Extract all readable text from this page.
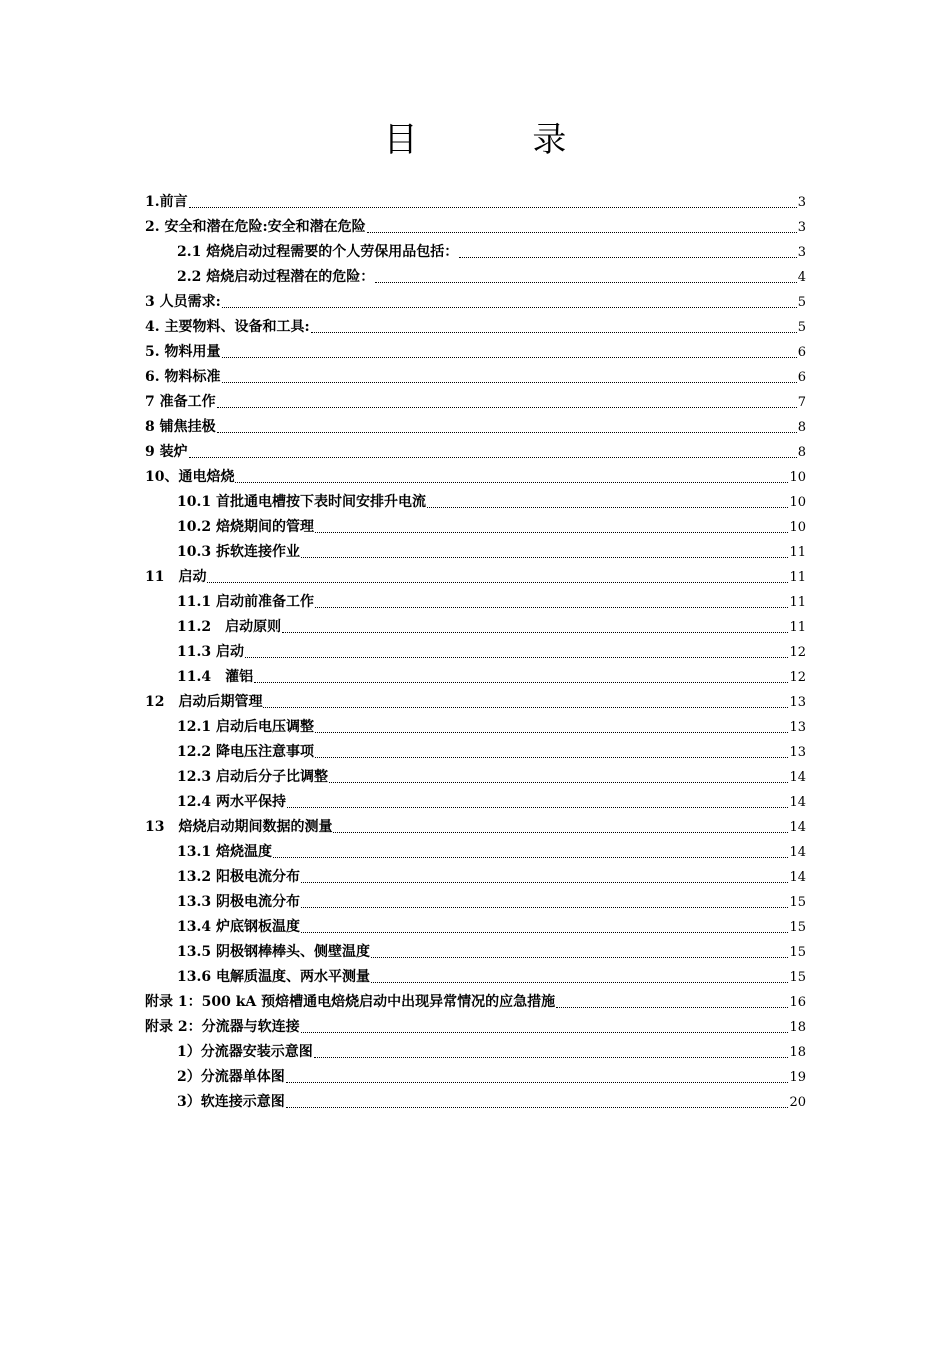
目 录
1.前言	3
2. 安全和潜在危险:安全和潜在危险	3
2.1 焙烧启动过程需要的个人劳保用品包括：	3
2.2 焙烧启动过程潜在的危险：	4
3 人员需求:	5
4. 主要物料、设备和工具:	5
5. 物料用量	6
6. 物料标准	6
7 准备工作	7
8 铺焦挂极	8
9 装炉	8
10、通电焙烧	10
10.1 首批通电槽按下表时间安排升电流	10
10.2 焙烧期间的管理	10
10.3 拆软连接作业	11
11　启动	11
11.1 启动前准备工作	11
11.2　启动原则	11
11.3 启动	12
11.4　灌铝	12
12　启动后期管理	13
12.1 启动后电压调整	13
12.2 降电压注意事项	13
12.3 启动后分子比调整	14
12.4 两水平保持	14
13　焙烧启动期间数据的测量	14
13.1 焙烧温度	14
13.2 阳极电流分布	14
13.3 阴极电流分布	15
13.4 炉底钢板温度	15
13.5 阴极钢棒棒头、侧壁温度	15
13.6 电解质温度、两水平测量	15
附录 1：500 kA 预焙槽通电焙烧启动中出现异常情况的应急措施	16
附录 2：分流器与软连接	18
1）分流器安装示意图	18
2）分流器单体图	19
3）软连接示意图	20
